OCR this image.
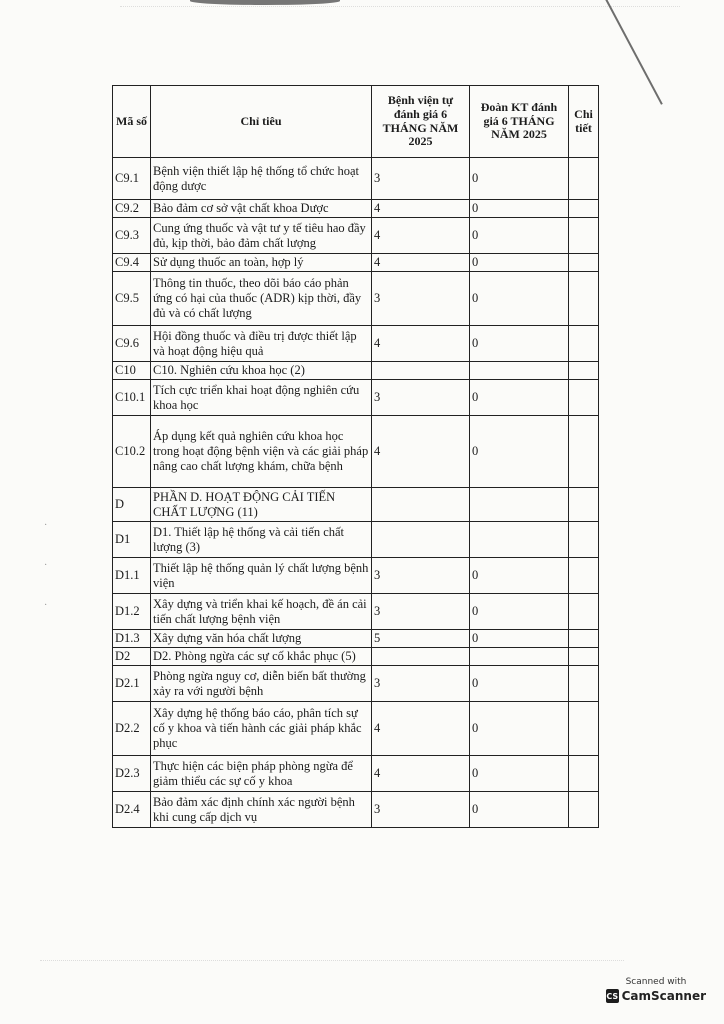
·
·
·
Mã số	Chỉ tiêu	Bệnh viện tự đánh giá 6 THÁNG NĂM 2025	Đoàn KT đánh giá 6 THÁNG NĂM 2025	Chi tiết
C9.1	Bệnh viện thiết lập hệ thống tổ chức hoạt động dược	3	0	
C9.2	Bảo đảm cơ sở vật chất khoa Dược	4	0	
C9.3	Cung ứng thuốc và vật tư y tế tiêu hao đầy đủ, kịp thời, bảo đảm chất lượng	4	0	
C9.4	Sử dụng thuốc an toàn, hợp lý	4	0	
C9.5	Thông tin thuốc, theo dõi báo cáo phản ứng có hại của thuốc (ADR) kịp thời, đầy đủ và có chất lượng	3	0	
C9.6	Hội đồng thuốc và điều trị được thiết lập và hoạt động hiệu quả	4	0	
C10	C10. Nghiên cứu khoa học (2)			
C10.1	Tích cực triển khai hoạt động nghiên cứu khoa học	3	0	
C10.2	Áp dụng kết quả nghiên cứu khoa học trong hoạt động bệnh viện và các giải pháp nâng cao chất lượng khám, chữa bệnh	4	0	
D	PHẦN D. HOẠT ĐỘNG CẢI TIẾN CHẤT LƯỢNG (11)			
D1	D1. Thiết lập hệ thống và cải tiến chất lượng (3)			
D1.1	Thiết lập hệ thống quản lý chất lượng bệnh viện	3	0	
D1.2	Xây dựng và triển khai kế hoạch, đề án cải tiến chất lượng bệnh viện	3	0	
D1.3	Xây dựng văn hóa chất lượng	5	0	
D2	D2. Phòng ngừa các sự cố khắc phục (5)			
D2.1	Phòng ngừa nguy cơ, diễn biến bất thường xảy ra với người bệnh	3	0	
D2.2	Xây dựng hệ thống báo cáo, phân tích sự cố y khoa và tiến hành các giải pháp khắc phục	4	0	
D2.3	Thực hiện các biện pháp phòng ngừa để giảm thiểu các sự cố y khoa	4	0	
D2.4	Bảo đảm xác định chính xác người bệnh khi cung cấp dịch vụ	3	0	
Scanned with
CS CamScanner
